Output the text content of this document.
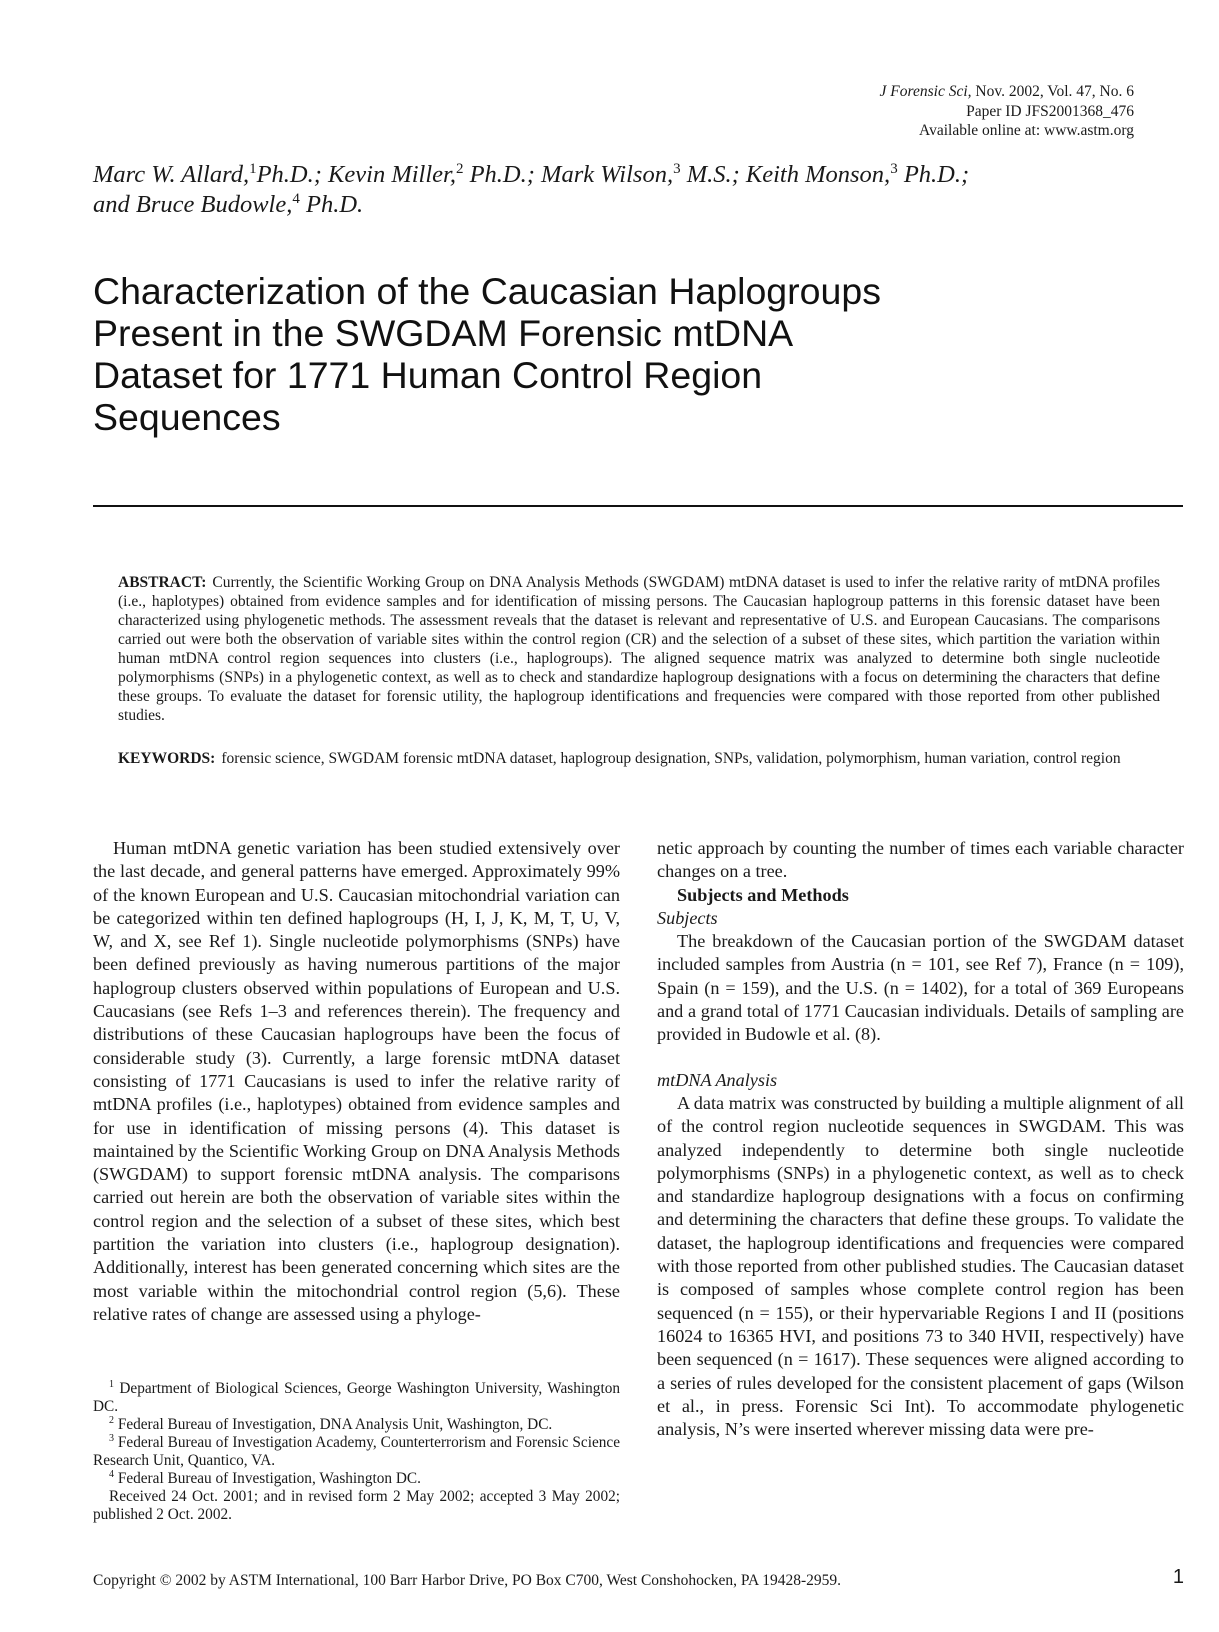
J Forensic Sci, Nov. 2002, Vol. 47, No. 6
Paper ID JFS2001368_476
Available online at: www.astm.org
Marc W. Allard,$^1$Ph.D.; Kevin Miller,$^2$ Ph.D.; Mark Wilson,$^3$ M.S.; Keith Monson,$^3$ Ph.D.;
and Bruce Budowle,$^4$ Ph.D.
Characterization of the Caucasian Haplogroups
Present in the SWGDAM Forensic mtDNA
Dataset for 1771 Human Control Region
Sequences
ABSTRACT: Currently, the Scientific Working Group on DNA Analysis Methods (SWGDAM) mtDNA dataset is used to infer the relative rarity of mtDNA profiles (i.e., haplotypes) obtained from evidence samples and for identification of missing persons. The Caucasian haplogroup patterns in this forensic dataset have been characterized using phylogenetic methods. The assessment reveals that the dataset is relevant and representative of U.S. and European Caucasians. The comparisons carried out were both the observation of variable sites within the control region (CR) and the selection of a subset of these sites, which partition the variation within human mtDNA control region sequences into clusters (i.e., haplogroups). The aligned sequence matrix was analyzed to determine both single nucleotide polymorphisms (SNPs) in a phylogenetic context, as well as to check and standardize haplogroup designations with a focus on determining the characters that define these groups. To evaluate the dataset for forensic utility, the haplogroup identifications and frequencies were compared with those reported from other published studies.
KEYWORDS: forensic science, SWGDAM forensic mtDNA dataset, haplogroup designation, SNPs, validation, polymorphism, human variation, control region

Human mtDNA genetic variation has been studied extensively over the last decade, and general patterns have emerged. Approximately 99% of the known European and U.S. Caucasian mitochondrial variation can be categorized within ten defined haplogroups (H, I, J, K, M, T, U, V, W, and X, see Ref 1). Single nucleotide polymorphisms (SNPs) have been defined previously as having numerous partitions of the major haplogroup clusters observed within populations of European and U.S. Caucasians (see Refs 1–3 and references therein). The frequency and distributions of these Caucasian haplogroups have been the focus of considerable study (3). Currently, a large forensic mtDNA dataset consisting of 1771 Caucasians is used to infer the relative rarity of mtDNA profiles (i.e., haplotypes) obtained from evidence samples and for use in identification of missing persons (4). This dataset is maintained by the Scientific Working Group on DNA Analysis Methods (SWGDAM) to support forensic mtDNA analysis. The comparisons carried out herein are both the observation of variable sites within the control region and the selection of a subset of these sites, which best partition the variation into clusters (i.e., haplogroup designation). Additionally, interest has been generated concerning which sites are the most variable within the mitochondrial control region (5,6). These relative rates of change are assessed using a phyloge-

netic approach by counting the number of times each variable character changes on a tree.

Subjects and Methods

Subjects

The breakdown of the Caucasian portion of the SWGDAM dataset included samples from Austria (n = 101, see Ref 7), France (n = 109), Spain (n = 159), and the U.S. (n = 1402), for a total of 369 Europeans and a grand total of 1771 Caucasian individuals. Details of sampling are provided in Budowle et al. (8).

mtDNA Analysis

A data matrix was constructed by building a multiple alignment of all of the control region nucleotide sequences in SWGDAM. This was analyzed independently to determine both single nucleotide polymorphisms (SNPs) in a phylogenetic context, as well as to check and standardize haplogroup designations with a focus on confirming and determining the characters that define these groups. To validate the dataset, the haplogroup identifications and frequencies were compared with those reported from other published studies. The Caucasian dataset is composed of samples whose complete control region has been sequenced (n = 155), or their hypervariable Regions I and II (positions 16024 to 16365 HVI, and positions 73 to 340 HVII, respectively) have been sequenced (n = 1617). These sequences were aligned according to a series of rules developed for the consistent placement of gaps (Wilson et al., in press. Forensic Sci Int). To accommodate phylogenetic analysis, N’s were inserted wherever missing data were pre-

$^1$ Department of Biological Sciences, George Washington University, Washington DC.
$^2$ Federal Bureau of Investigation, DNA Analysis Unit, Washington, DC.
$^3$ Federal Bureau of Investigation Academy, Counterterrorism and Forensic Science Research Unit, Quantico, VA.
$^4$ Federal Bureau of Investigation, Washington DC.
Received 24 Oct. 2001; and in revised form 2 May 2002; accepted 3 May 2002; published 2 Oct. 2002.
Copyright © 2002 by ASTM International, 100 Barr Harbor Drive, PO Box C700, West Conshohocken, PA 19428-2959.	1
